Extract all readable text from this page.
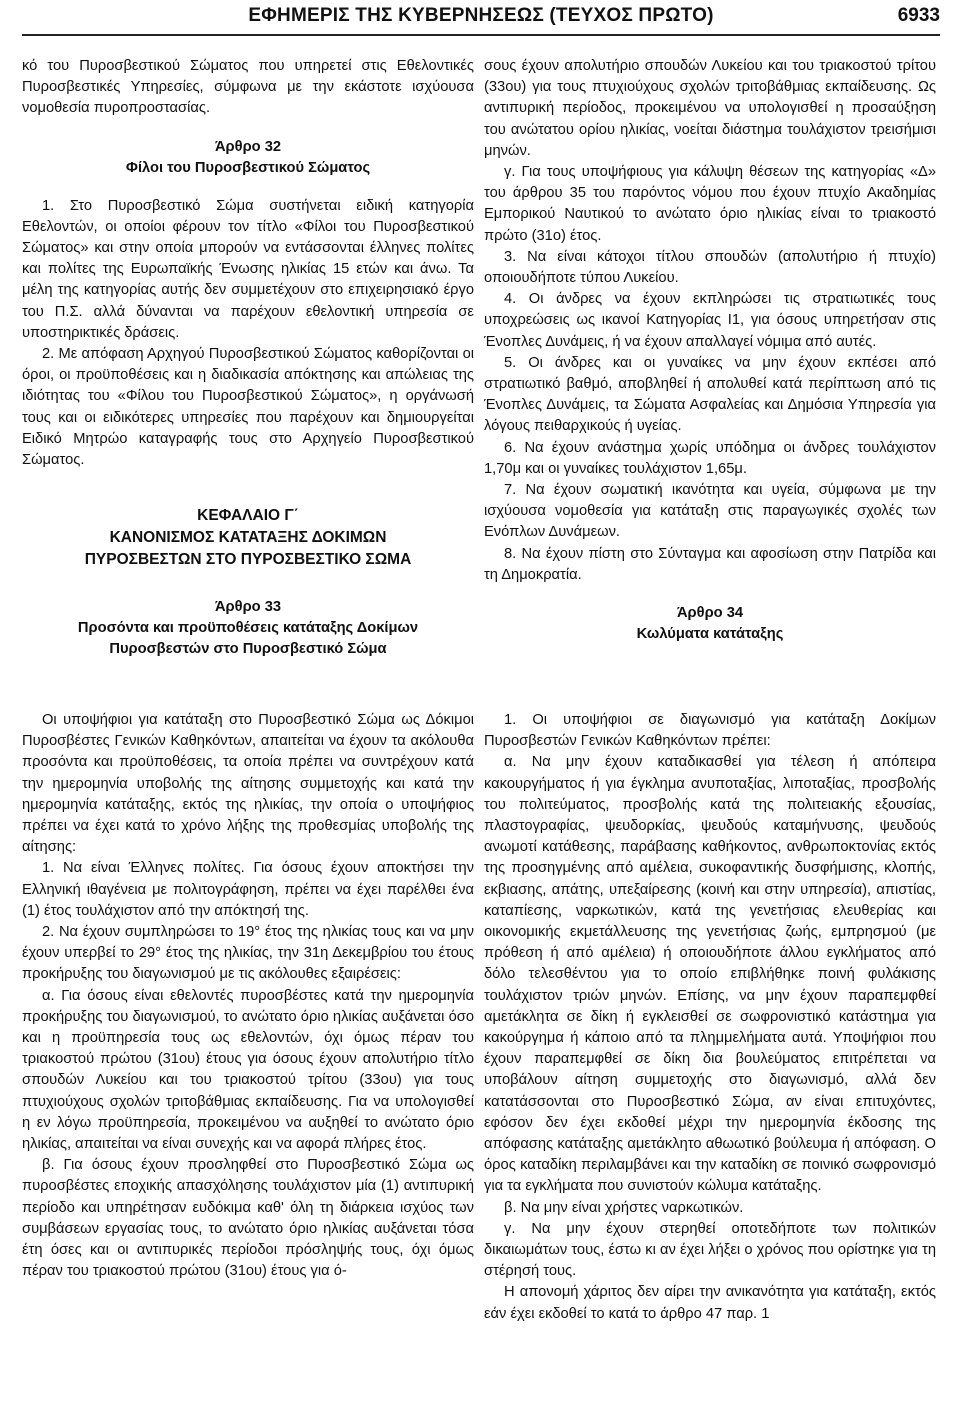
ΕΦΗΜΕΡΙΣ ΤΗΣ ΚΥΒΕΡΝΗΣΕΩΣ (ΤΕΥΧΟΣ ΠΡΩΤΟ)	6933

κό του Πυροσβεστικού Σώματος που υπηρετεί στις Εθελοντικές Πυροσβεστικές Υπηρεσίες, σύμφωνα με την εκάστοτε ισχύουσα νομοθεσία πυροπροστασίας.

Άρθρο 32

Φίλοι του Πυροσβεστικού Σώματος

1. Στο Πυροσβεστικό Σώμα συστήνεται ειδική κατηγορία Εθελοντών, οι οποίοι φέρουν τον τίτλο «Φίλοι του Πυροσβεστικού Σώματος» και στην οποία μπορούν να εντάσσονται έλληνες πολίτες και πολίτες της Ευρωπαϊκής Ένωσης ηλικίας 15 ετών και άνω. Τα μέλη της κατηγορίας αυτής δεν συμμετέχουν στο επιχειρησιακό έργο του Π.Σ. αλλά δύνανται να παρέχουν εθελοντική υπηρεσία σε υποστηρικτικές δράσεις.

2. Με απόφαση Αρχηγού Πυροσβεστικού Σώματος καθορίζονται οι όροι, οι προϋποθέσεις και η διαδικασία απόκτησης και απώλειας της ιδιότητας του «Φίλου του Πυροσβεστικού Σώματος», η οργάνωσή τους και οι ειδικότερες υπηρεσίες που παρέχουν και δημιουργείται Ειδικό Μητρώο καταγραφής τους στο Αρχηγείο Πυροσβεστικού Σώματος.

ΚΕΦΑΛΑΙΟ Γ΄

ΚΑΝΟΝΙΣΜΟΣ ΚΑΤΑΤΑΞΗΣ ΔΟΚΙΜΩΝ

ΠΥΡΟΣΒΕΣΤΩΝ ΣΤΟ ΠΥΡΟΣΒΕΣΤΙΚΟ ΣΩΜΑ

Άρθρο 33

Προσόντα και προϋποθέσεις κατάταξης Δοκίμων

Πυροσβεστών στο Πυροσβεστικό Σώμα

σους έχουν απολυτήριο σπουδών Λυκείου και του τριακοστού τρίτου (33ου) για τους πτυχιούχους σχολών τριτοβάθμιας εκπαίδευσης. Ως αντιπυρική περίοδος, προκειμένου να υπολογισθεί η προσαύξηση του ανώτατου ορίου ηλικίας, νοείται διάστημα τουλάχιστον τρεισήμισι μηνών.

γ. Για τους υποψήφιους για κάλυψη θέσεων της κατηγορίας «Δ» του άρθρου 35 του παρόντος νόμου που έχουν πτυχίο Ακαδημίας Εμπορικού Ναυτικού το ανώτατο όριο ηλικίας είναι το τριακοστό πρώτο (31ο) έτος.

3. Να είναι κάτοχοι τίτλου σπουδών (απολυτήριο ή πτυχίο) οποιουδήποτε τύπου Λυκείου.

4. Οι άνδρες να έχουν εκπληρώσει τις στρατιωτικές τους υποχρεώσεις ως ικανοί Κατηγορίας Ι1, για όσους υπηρετήσαν στις Ένοπλες Δυνάμεις, ή να έχουν απαλλαγεί νόμιμα από αυτές.

5. Οι άνδρες και οι γυναίκες να μην έχουν εκπέσει από στρατιωτικό βαθμό, αποβληθεί ή απολυθεί κατά περίπτωση από τις Ένοπλες Δυνάμεις, τα Σώματα Ασφαλείας και Δημόσια Υπηρεσία για λόγους πειθαρχικούς ή υγείας.

6. Να έχουν ανάστημα χωρίς υπόδημα οι άνδρες τουλάχιστον 1,70μ και οι γυναίκες τουλάχιστον 1,65μ.

7. Να έχουν σωματική ικανότητα και υγεία, σύμφωνα με την ισχύουσα νομοθεσία για κατάταξη στις παραγωγικές σχολές των Ενόπλων Δυνάμεων.

8. Να έχουν πίστη στο Σύνταγμα και αφοσίωση στην Πατρίδα και τη Δημοκρατία.

Άρθρο 34

Κωλύματα κατάταξης

Οι υποψήφιοι για κατάταξη στο Πυροσβεστικό Σώμα ως Δόκιμοι Πυροσβέστες Γενικών Καθηκόντων, απαιτείται να έχουν τα ακόλουθα προσόντα και προϋποθέσεις, τα οποία πρέπει να συντρέχουν κατά την ημερομηνία υποβολής της αίτησης συμμετοχής και κατά την ημερομηνία κατάταξης, εκτός της ηλικίας, την οποία ο υποψήφιος πρέπει να έχει κατά το χρόνο λήξης της προθεσμίας υποβολής της αίτησης:

1. Να είναι Έλληνες πολίτες. Για όσους έχουν αποκτήσει την Ελληνική ιθαγένεια με πολιτογράφηση, πρέπει να έχει παρέλθει ένα (1) έτος τουλάχιστον από την απόκτησή της.

2. Να έχουν συμπληρώσει το 19° έτος της ηλικίας τους και να μην έχουν υπερβεί το 29° έτος της ηλικίας, την 31η Δεκεμβρίου του έτους προκήρυξης του διαγωνισμού με τις ακόλουθες εξαιρέσεις:

α. Για όσους είναι εθελοντές πυροσβέστες κατά την ημερομηνία προκήρυξης του διαγωνισμού, το ανώτατο όριο ηλικίας αυξάνεται όσο και η προϋπηρεσία τους ως εθελοντών, όχι όμως πέραν του τριακοστού πρώτου (31ου) έτους για όσους έχουν απολυτήριο τίτλο σπουδών Λυκείου και του τριακοστού τρίτου (33ου) για τους πτυχιούχους σχολών τριτοβάθμιας εκπαίδευσης. Για να υπολογισθεί η εν λόγω προϋπηρεσία, προκειμένου να αυξηθεί το ανώτατο όριο ηλικίας, απαιτείται να είναι συνεχής και να αφορά πλήρες έτος.

β. Για όσους έχουν προσληφθεί στο Πυροσβεστικό Σώμα ως πυροσβέστες εποχικής απασχόλησης τουλάχιστον μία (1) αντιπυρική περίοδο και υπηρέτησαν ευδόκιμα καθ' όλη τη διάρκεια ισχύος των συμβάσεων εργασίας τους, το ανώτατο όριο ηλικίας αυξάνεται τόσα έτη όσες και οι αντιπυρικές περίοδοι πρόσληψής τους, όχι όμως πέραν του τριακοστού πρώτου (31ου) έτους για ό-

1. Οι υποψήφιοι σε διαγωνισμό για κατάταξη Δοκίμων Πυροσβεστών Γενικών Καθηκόντων πρέπει:

α. Να μην έχουν καταδικασθεί για τέλεση ή απόπειρα κακουργήματος ή για έγκλημα ανυποταξίας, λιποταξίας, προσβολής του πολιτεύματος, προσβολής κατά της πολιτειακής εξουσίας, πλαστογραφίας, ψευδορκίας, ψευδούς καταμήνυσης, ψευδούς ανωμοτί κατάθεσης, παράβασης καθήκοντος, ανθρωποκτονίας εκτός της προσηγμένης από αμέλεια, συκοφαντικής δυσφήμισης, κλοπής, εκβιασης, απάτης, υπεξαίρεσης (κοινή και στην υπηρεσία), απιστίας, καταπίεσης, ναρκωτικών, κατά της γενετήσιας ελευθερίας και οικονομικής εκμετάλλευσης της γενετήσιας ζωής, εμπρησμού (με πρόθεση ή από αμέλεια) ή οποιουδήποτε άλλου εγκλήματος από δόλο τελεσθέντου για το οποίο επιβλήθηκε ποινή φυλάκισης τουλάχιστον τριών μηνών. Επίσης, να μην έχουν παραπεμφθεί αμετάκλητα σε δίκη ή εγκλεισθεί σε σωφρονιστικό κατάστημα για κακούργημα ή κάποιο από τα πλημμελήματα αυτά. Υποψήφιοι που έχουν παραπεμφθεί σε δίκη δια βουλεύματος επιτρέπεται να υποβάλουν αίτηση συμμετοχής στο διαγωνισμό, αλλά δεν κατατάσσονται στο Πυροσβεστικό Σώμα, αν είναι επιτυχόντες, εφόσον δεν έχει εκδοθεί μέχρι την ημερομηνία έκδοσης της απόφασης κατάταξης αμετάκλητο αθωωτικό βούλευμα ή απόφαση. Ο όρος καταδίκη περιλαμβάνει και την καταδίκη σε ποινικό σωφρονισμό για τα εγκλήματα που συνιστούν κώλυμα κατάταξης.

β. Να μην είναι χρήστες ναρκωτικών.

γ. Να μην έχουν στερηθεί οποτεδήποτε των πολιτικών δικαιωμάτων τους, έστω κι αν έχει λήξει ο χρόνος που ορίστηκε για τη στέρησή τους.

Η απονομή χάριτος δεν αίρει την ανικανότητα για κατάταξη, εκτός εάν έχει εκδοθεί το κατά το άρθρο 47 παρ. 1
